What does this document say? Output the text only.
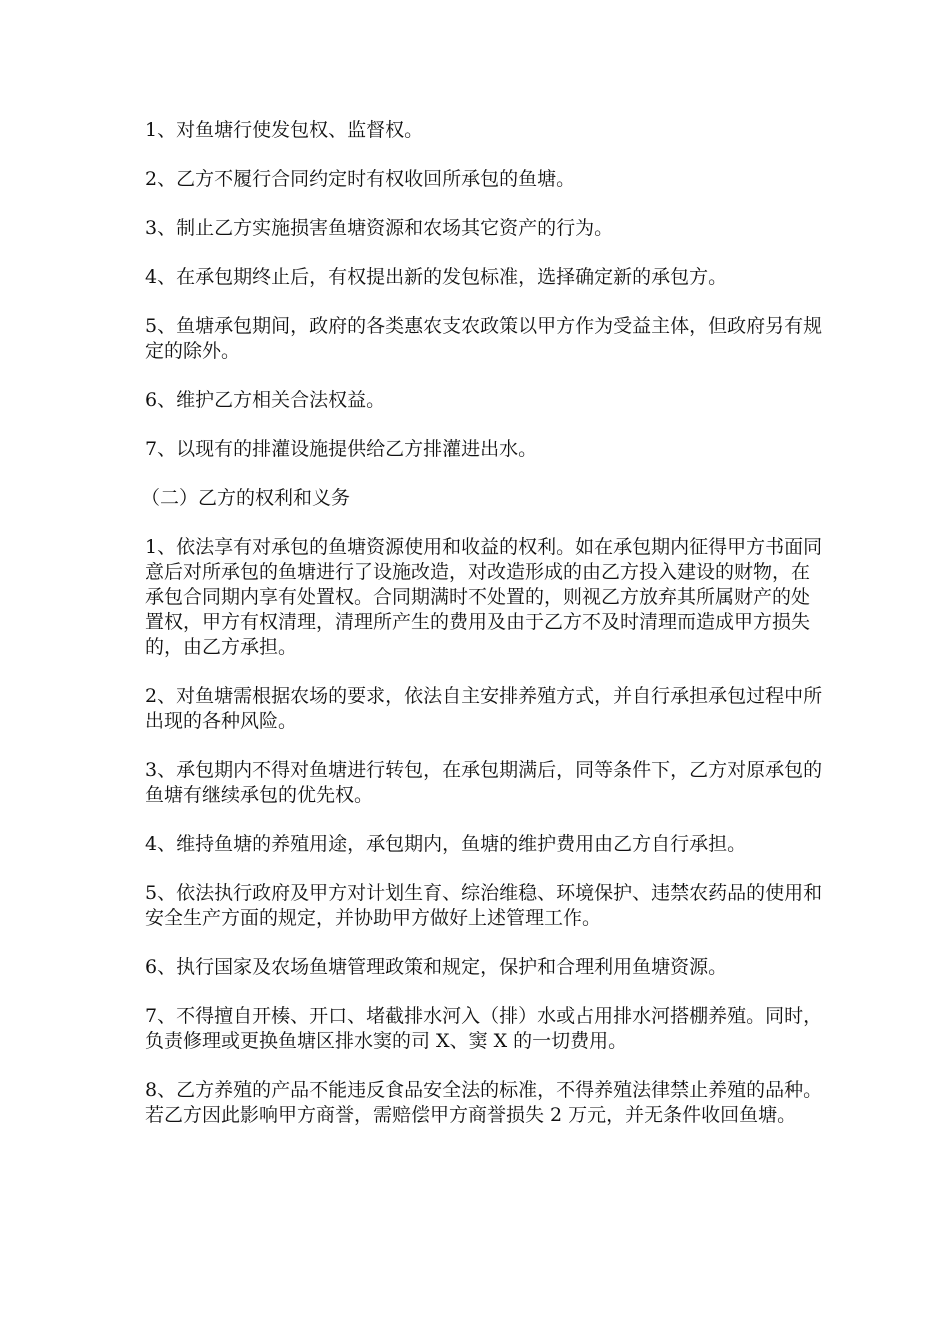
1、对鱼塘行使发包权、监督权。

2、乙方不履行合同约定时有权收回所承包的鱼塘。

3、制止乙方实施损害鱼塘资源和农场其它资产的行为。

4、在承包期终止后，有权提出新的发包标准，选择确定新的承包方。

5、鱼塘承包期间，政府的各类惠农支农政策以甲方作为受益主体，但政府另有规定的除外。

6、维护乙方相关合法权益。

7、以现有的排灌设施提供给乙方排灌进出水。

（二）乙方的权利和义务

1、依法享有对承包的鱼塘资源使用和收益的权利。如在承包期内征得甲方书面同意后对所承包的鱼塘进行了设施改造，对改造形成的由乙方投入建设的财物，在承包合同期内享有处置权。合同期满时不处置的，则视乙方放弃其所属财产的处置权，甲方有权清理，清理所产生的费用及由于乙方不及时清理而造成甲方损失的，由乙方承担。

2、对鱼塘需根据农场的要求，依法自主安排养殖方式，并自行承担承包过程中所出现的各种风险。

3、承包期内不得对鱼塘进行转包，在承包期满后，同等条件下，乙方对原承包的鱼塘有继续承包的优先权。

4、维持鱼塘的养殖用途，承包期内，鱼塘的维护费用由乙方自行承担。

5、依法执行政府及甲方对计划生育、综治维稳、环境保护、违禁农药品的使用和安全生产方面的规定，并协助甲方做好上述管理工作。

6、执行国家及农场鱼塘管理政策和规定，保护和合理利用鱼塘资源。

7、不得擅自开楱、开口、堵截排水河入（排）水或占用排水河搭棚养殖。同时，负责修理或更换鱼塘区排水窦的司 X、窦 X 的一切费用。

8、乙方养殖的产品不能违反食品安全法的标准，不得养殖法律禁止养殖的品种。若乙方因此影响甲方商誉，需赔偿甲方商誉损失 2 万元，并无条件收回鱼塘。
